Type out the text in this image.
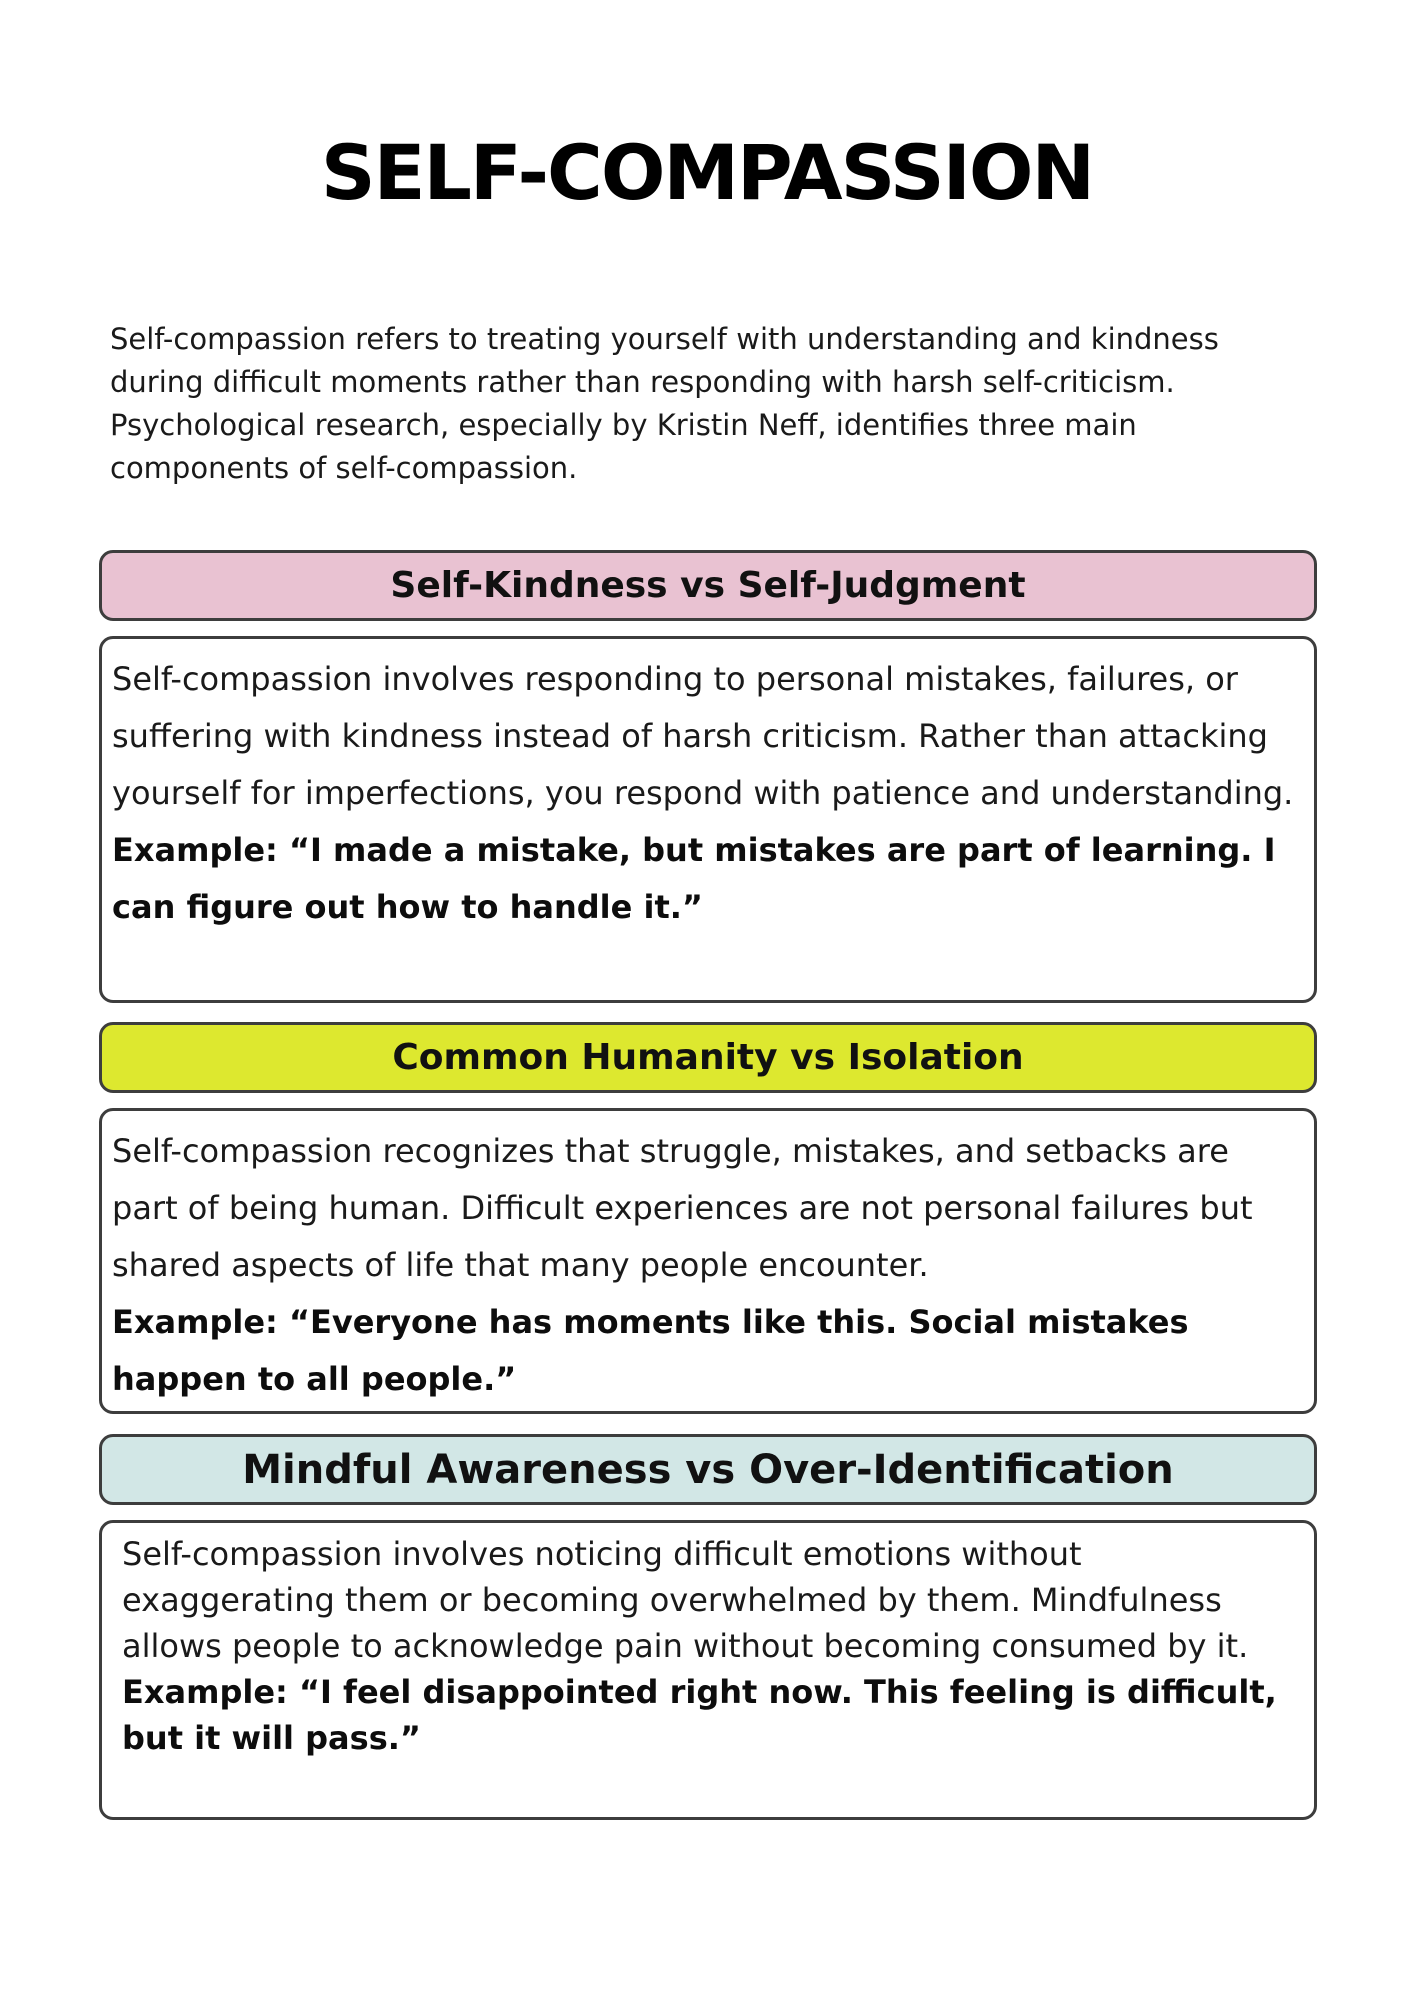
SELF-COMPASSION
Self-compassion refers to treating yourself with understanding and kindness during difficult moments rather than responding with harsh self-criticism. Psychological research, especially by Kristin Neff, identifies three main components of self-compassion.
Self-Kindness vs Self-Judgment

Self-compassion involves responding to personal mistakes, failures, or suffering with kindness instead of harsh criticism. Rather than attacking yourself for imperfections, you respond with patience and understanding.

Example: “I made a mistake, but mistakes are part of learning. I can figure out how to handle it.”

Common Humanity vs Isolation

Self-compassion recognizes that struggle, mistakes, and setbacks are part of being human. Difficult experiences are not personal failures but shared aspects of life that many people encounter.

Example: “Everyone has moments like this. Social mistakes happen to all people.”

Mindful Awareness vs Over-Identification

Self-compassion involves noticing difficult emotions without exaggerating them or becoming overwhelmed by them. Mindfulness allows people to acknowledge pain without becoming consumed by it.

Example: “I feel disappointed right now. This feeling is difficult, but it will pass.”
